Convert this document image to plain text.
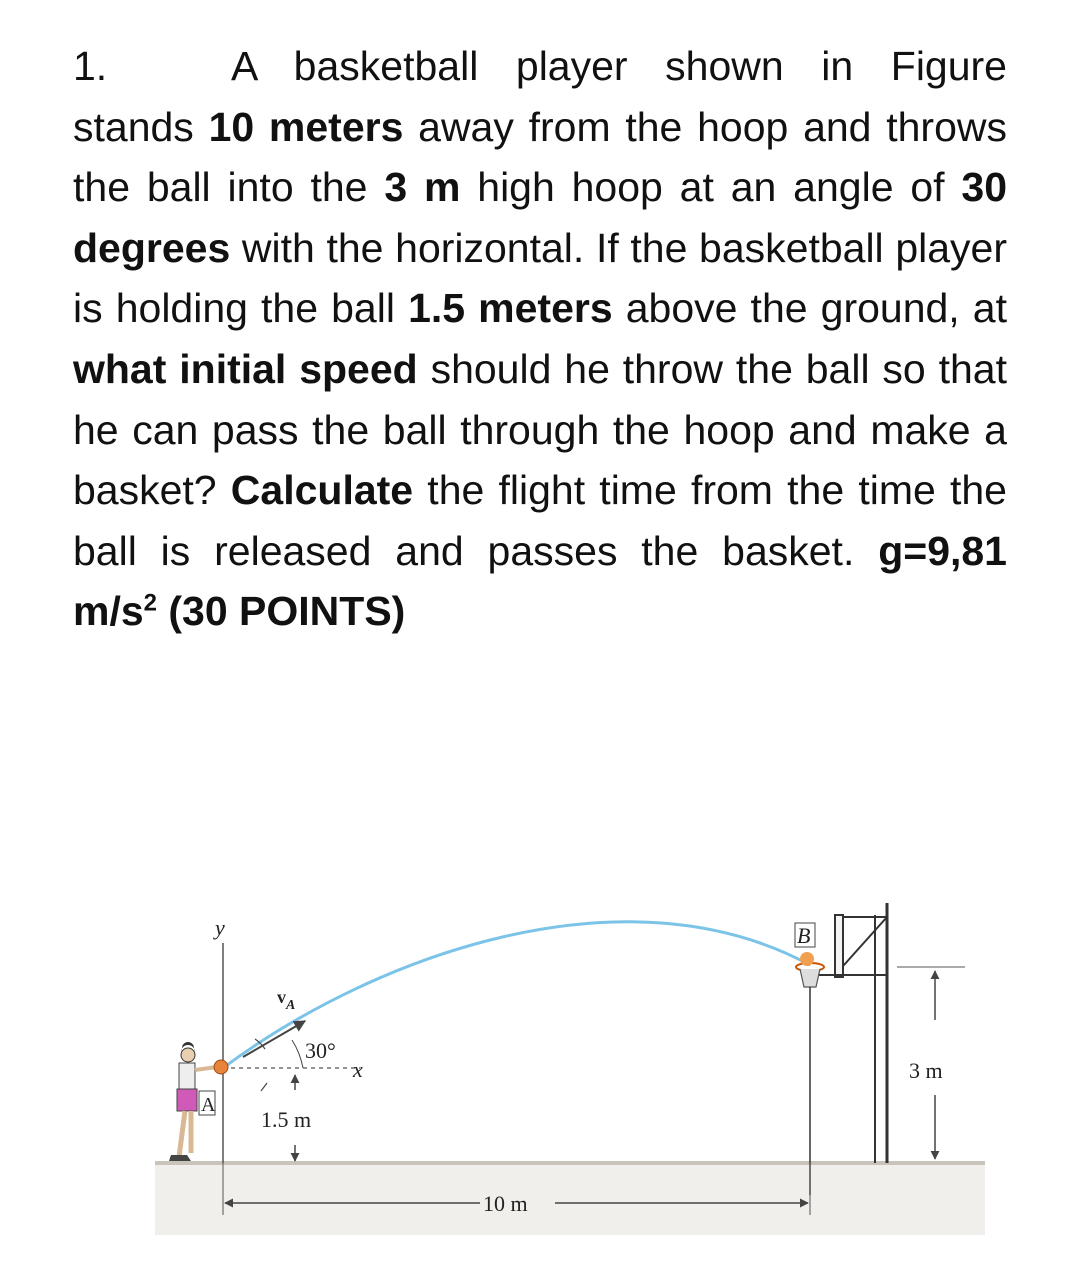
1.	A basketball player shown in Figure stands 10 meters away from the hoop and throws the ball into the 3 m high hoop at an angle of 30 degrees with the horizontal. If the basketball player is holding the ball 1.5 meters above the ground, at what initial speed should he throw the ball so that he can pass the ball through the hoop and make a basket? Calculate the flight time from the time the ball is released and passes the basket. g=9,81 $m/s^2$ (30 POINTS)
y
x
$v_A$
30°
1.5 m
A
B
3 m
10 m
